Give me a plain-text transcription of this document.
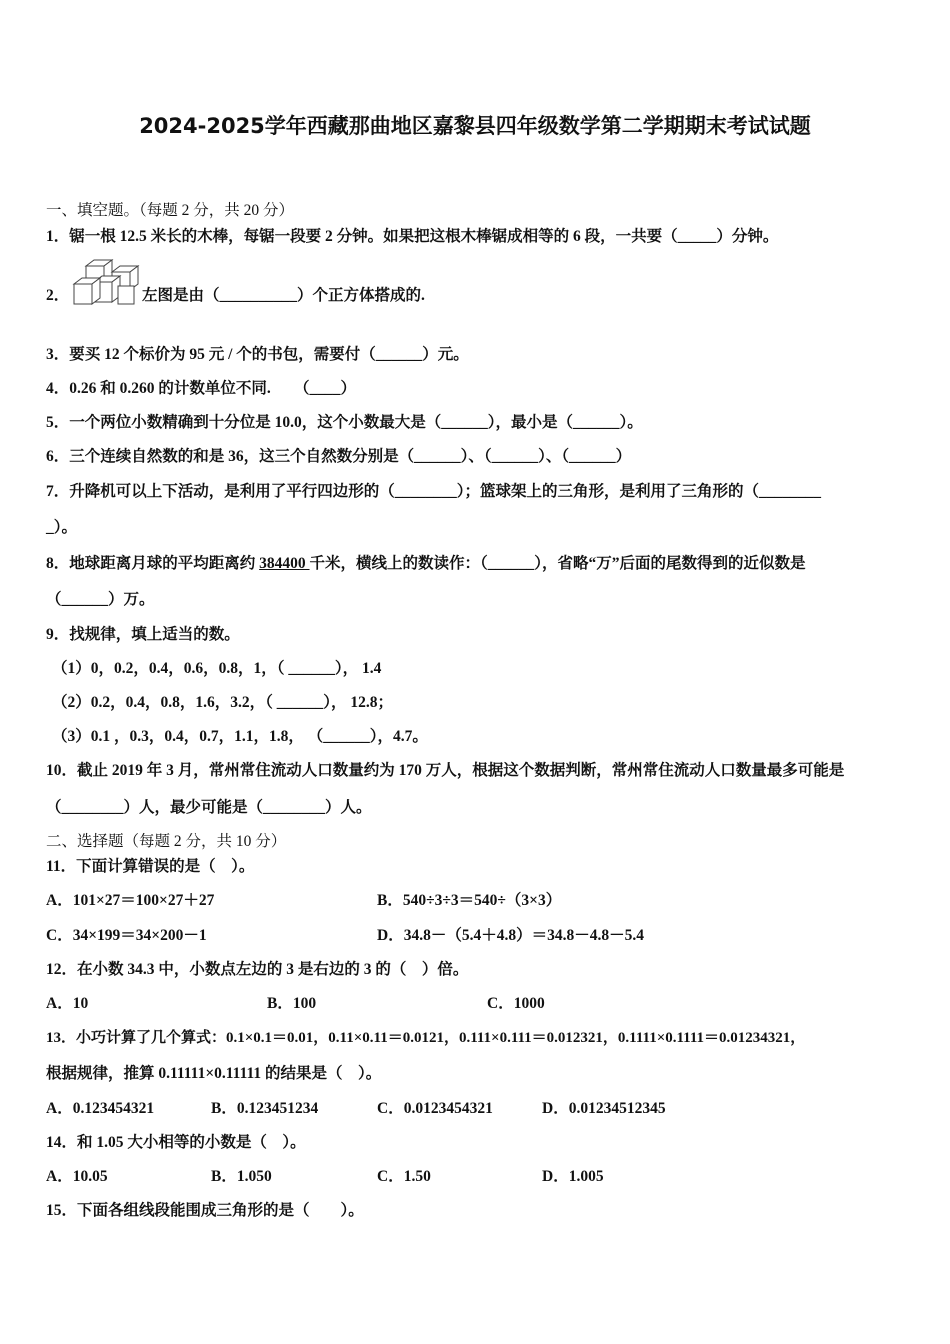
2024-2025学年西藏那曲地区嘉黎县四年级数学第二学期期末考试试题
一、填空题。（每题 2 分，共 20 分）
1．锯一根 12.5 米长的木棒，每锯一段要 2 分钟。如果把这根木棒锯成相等的 6 段，一共要（_____）分钟。
2．	左图是由（__________）个正方体搭成的.
3．要买 12 个标价为 95 元 / 个的书包，需要付（______）元。
4．0.26 和 0.260 的计数单位不同.　　（____）
5．一个两位小数精确到十分位是 10.0，这个小数最大是（______），最小是（______）。
6．三个连续自然数的和是 36，这三个自然数分别是（______）、（______）、（______）
7．升降机可以上下活动，是利用了平行四边形的（________）；篮球架上的三角形，是利用了三角形的（________
_）。
8．地球距离月球的平均距离约 384400 千米，横线上的数读作：（______），省略“万”后面的尾数得到的近似数是
（______）万。
9．找规律，填上适当的数。
（1）0，0.2，0.4，0.6，0.8，1，（ ______）， 1.4
（2）0.2，0.4，0.8，1.6，3.2，（ ______）， 12.8；
（3）0.1 ，0.3，0.4，0.7，1.1，1.8， （______），4.7。
10．截止 2019 年 3 月，常州常住流动人口数量约为 170 万人，根据这个数据判断，常州常住流动人口数量最多可能是
（________）人，最少可能是（________）人。
二、选择题（每题 2 分，共 10 分）
11．下面计算错误的是（　）。
A．101×27＝100×27＋27	B．540÷3÷3＝540÷（3×3）
C．34×199＝34×200－1	D．34.8－（5.4＋4.8）＝34.8－4.8－5.4
12．在小数 34.3 中，小数点左边的 3 是右边的 3 的（　）倍。
A．10	B．100	C．1000
13．小巧计算了几个算式：0.1×0.1＝0.01，0.11×0.11＝0.0121，0.111×0.111＝0.012321，0.1111×0.1111＝0.01234321，
根据规律，推算 0.11111×0.11111 的结果是（　）。
A．0.123454321	B．0.123451234	C．0.0123454321	D．0.01234512345
14．和 1.05 大小相等的小数是（　）。
A．10.05	B．1.050	C．1.50	D．1.005
15．下面各组线段能围成三角形的是（　　）。
